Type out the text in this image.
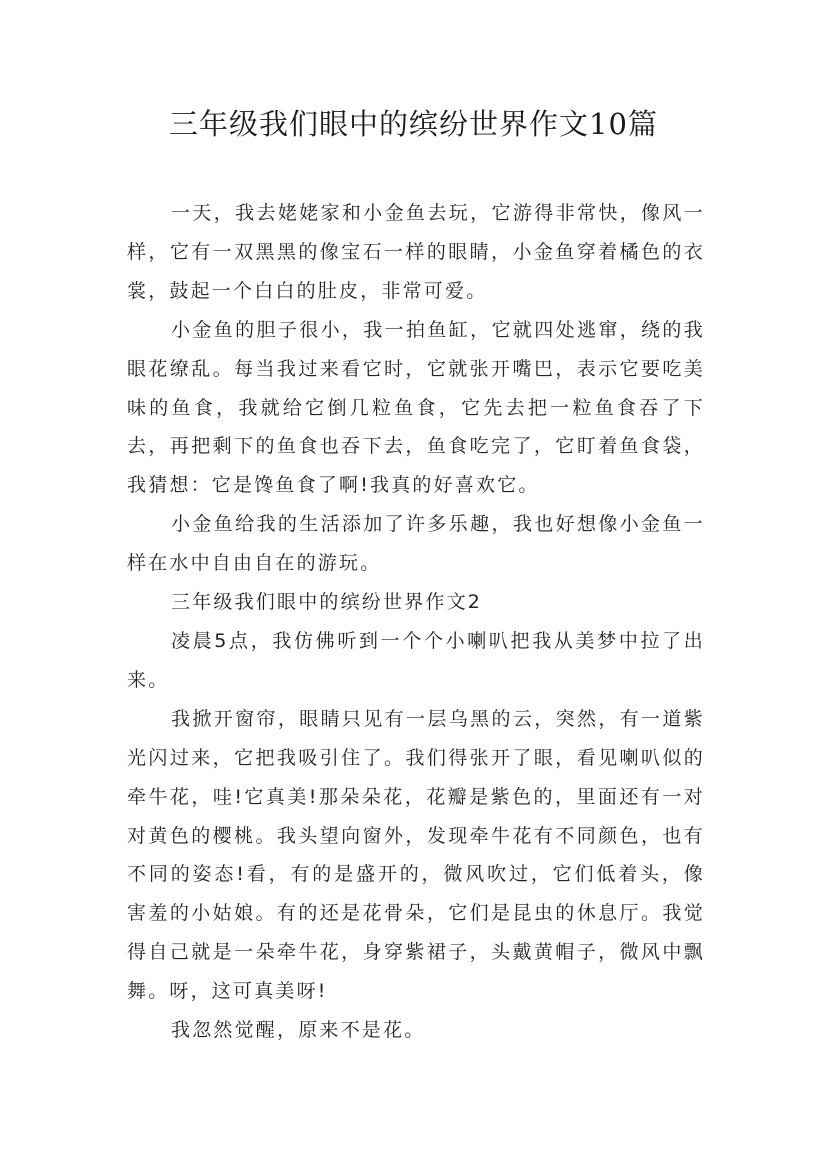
三年级我们眼中的缤纷世界作文10篇

一天，我去姥姥家和小金鱼去玩，它游得非常快，像风一样，它有一双黑黑的像宝石一样的眼睛，小金鱼穿着橘色的衣裳，鼓起一个白白的肚皮，非常可爱。

小金鱼的胆子很小，我一拍鱼缸，它就四处逃窜，绕的我眼花缭乱。每当我过来看它时，它就张开嘴巴，表示它要吃美味的鱼食，我就给它倒几粒鱼食，它先去把一粒鱼食吞了下去，再把剩下的鱼食也吞下去，鱼食吃完了，它盯着鱼食袋，我猜想：它是馋鱼食了啊!我真的好喜欢它。

小金鱼给我的生活添加了许多乐趣，我也好想像小金鱼一样在水中自由自在的游玩。

三年级我们眼中的缤纷世界作文2

凌晨5点，我仿佛听到一个个小喇叭把我从美梦中拉了出来。

我掀开窗帘，眼睛只见有一层乌黑的云，突然，有一道紫光闪过来，它把我吸引住了。我们得张开了眼，看见喇叭似的牵牛花，哇!它真美!那朵朵花，花瓣是紫色的，里面还有一对对黄色的樱桃。我头望向窗外，发现牵牛花有不同颜色，也有不同的姿态!看，有的是盛开的，微风吹过，它们低着头，像害羞的小姑娘。有的还是花骨朵，它们是昆虫的休息厅。我觉得自己就是一朵牵牛花，身穿紫裙子，头戴黄帽子，微风中飘舞。呀，这可真美呀!

我忽然觉醒，原来不是花。
